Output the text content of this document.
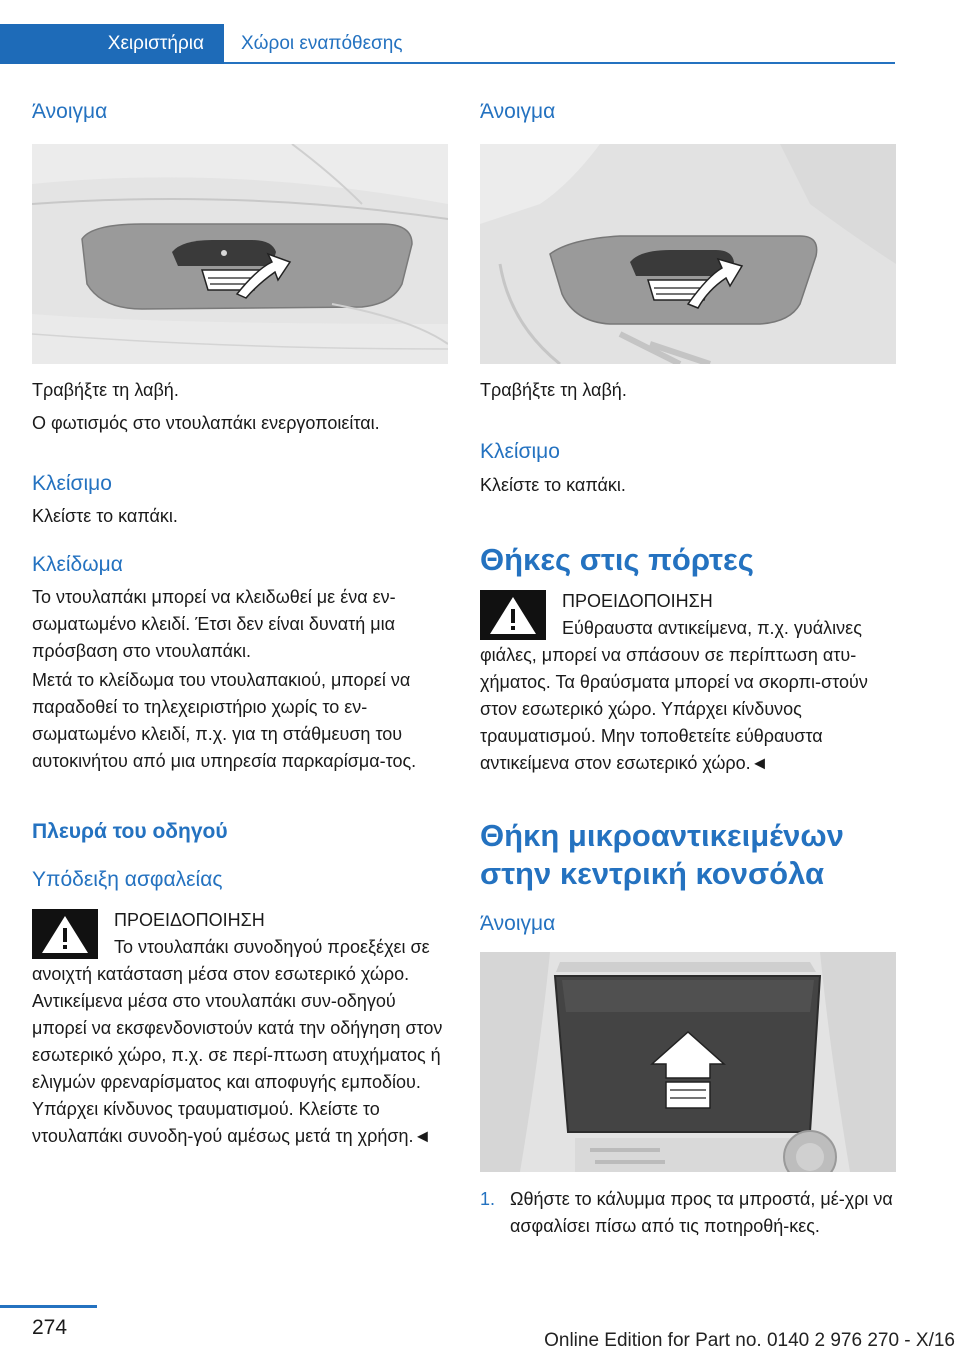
Χειριστήρια	Χώροι εναπόθεσης
Άνοιγμα

Τραβήξτε τη λαβή.

Ο φωτισμός στο ντουλαπάκι ενεργοποιείται.

Κλείσιμο

Κλείστε το καπάκι.

Κλείδωμα

Το ντουλαπάκι μπορεί να κλειδωθεί με ένα εν-σωματωμένο κλειδί. Έτσι δεν είναι δυνατή μια πρόσβαση στο ντουλαπάκι.

Μετά το κλείδωμα του ντουλαπακιού, μπορεί να παραδοθεί το τηλεχειριστήριο χωρίς το εν-σωματωμένο κλειδί, π.χ. για τη στάθμευση του αυτοκινήτου από μια υπηρεσία παρκαρίσμα-τος.

Πλευρά του οδηγού
Υπόδειξη ασφαλείας
ΠΡΟΕΙΔΟΠΟΙΗΣΗ

Το ντουλαπάκι συνοδηγού προεξέχει σε ανοιχτή κατάσταση μέσα στον εσωτερικό χώρο. Αντικείμενα μέσα στο ντουλαπάκι συν-οδηγού μπορεί να εκσφενδονιστούν κατά την οδήγηση στον εσωτερικό χώρο, π.χ. σε περί-πτωση ατυχήματος ή ελιγμών φρεναρίσματος και αποφυγής εμποδίου. Υπάρχει κίνδυνος τραυματισμού. Κλείστε το ντουλαπάκι συνοδη-γού αμέσως μετά τη χρήση.◄

Άνοιγμα

Τραβήξτε τη λαβή.

Κλείσιμο

Κλείστε το καπάκι.

Θήκες στις πόρτες
ΠΡΟΕΙΔΟΠΟΙΗΣΗ

Εύθραυστα αντικείμενα, π.χ. γυάλινες φιάλες, μπορεί να σπάσουν σε περίπτωση ατυ-χήματος. Τα θραύσματα μπορεί να σκορπι-στούν στον εσωτερικό χώρο. Υπάρχει κίνδυνος τραυματισμού. Μην τοποθετείτε εύθραυστα αντικείμενα στον εσωτερικό χώρο.◄

Θήκη μικροαντικειμένων στην κεντρική κονσόλα
Άνοιγμα
1. Ωθήστε το κάλυμμα προς τα μπροστά, μέ-χρι να ασφαλίσει πίσω από τις ποτηροθή-κες.
274
Online Edition for Part no. 0140 2 976 270 - X/16
